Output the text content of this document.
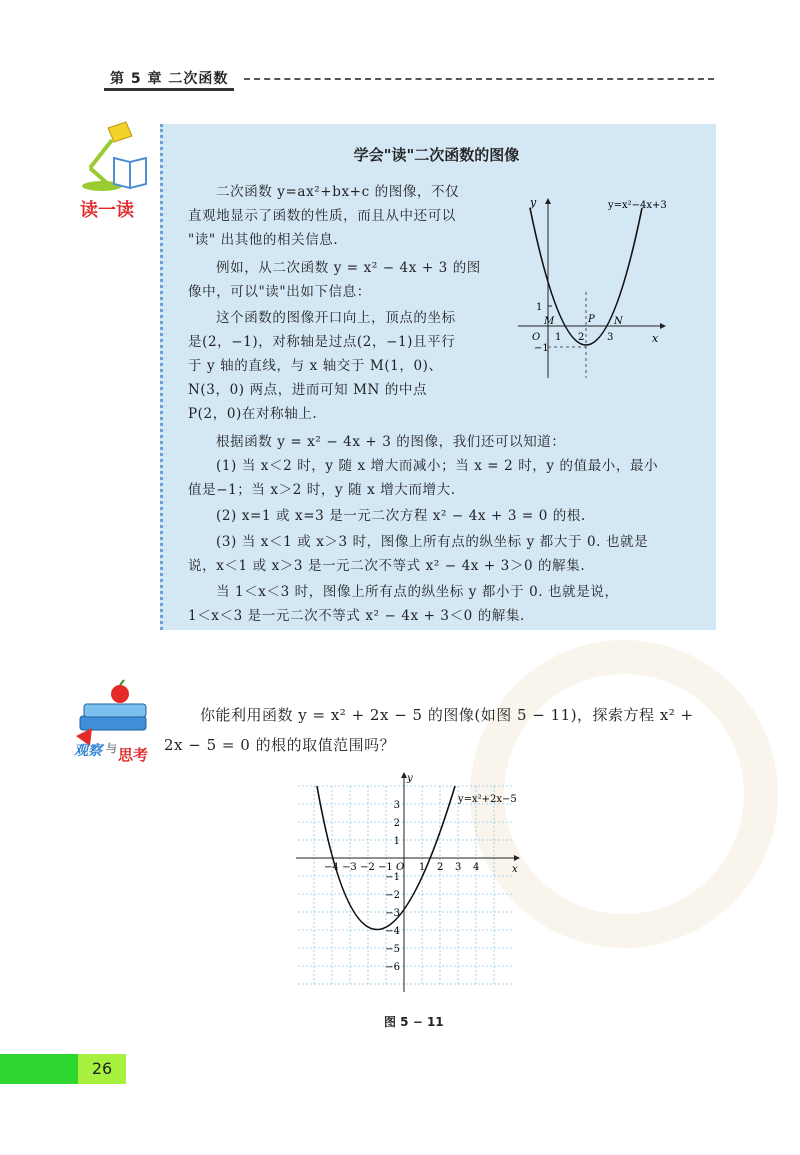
第 5 章 二次函数
读一读
学会"读"二次函数的图像
二次函数 y=ax²+bx+c 的图像，不仅
直观地显示了函数的性质，而且从中还可以
"读" 出其他的相关信息.
例如，从二次函数 y = x² − 4x + 3 的图
像中，可以"读"出如下信息：
这个函数的图像开口向上，顶点的坐标
是(2，−1)，对称轴是过点(2，−1)且平行
于 y 轴的直线，与 x 轴交于 M(1，0)、
N(3，0) 两点，进而可知 MN 的中点
P(2，0)在对称轴上.
根据函数 y = x² − 4x + 3 的图像，我们还可以知道：
(1) 当 x＜2 时，y 随 x 增大而减小；当 x = 2 时，y 的值最小，最小
值是−1；当 x＞2 时，y 随 x 增大而增大.
(2) x=1 或 x=3 是一元二次方程 x² − 4x + 3 = 0 的根.
(3) 当 x＜1 或 x＞3 时，图像上所有点的纵坐标 y 都大于 0. 也就是
说，x＜1 或 x＞3 是一元二次不等式 x² − 4x + 3＞0 的解集.
当 1＜x＜3 时，图像上所有点的纵坐标 y 都小于 0. 也就是说，
1＜x＜3 是一元二次不等式 x² − 4x + 3＜0 的解集.
y
x
y=x²−4x+3
O
1
−1
1 2 3
M	N
P
观察 与 思考
你能利用函数 y = x² + 2x − 5 的图像(如图 5 − 11)，探索方程 x² +
2x − 5 = 0 的根的取值范围吗？
y
x
y=x²+2x−5
O
−4 −3 −2 −1	1 2 3 4
3
2
1
−1
−2
−3
−4
−5
−6
图 5 − 11
26
